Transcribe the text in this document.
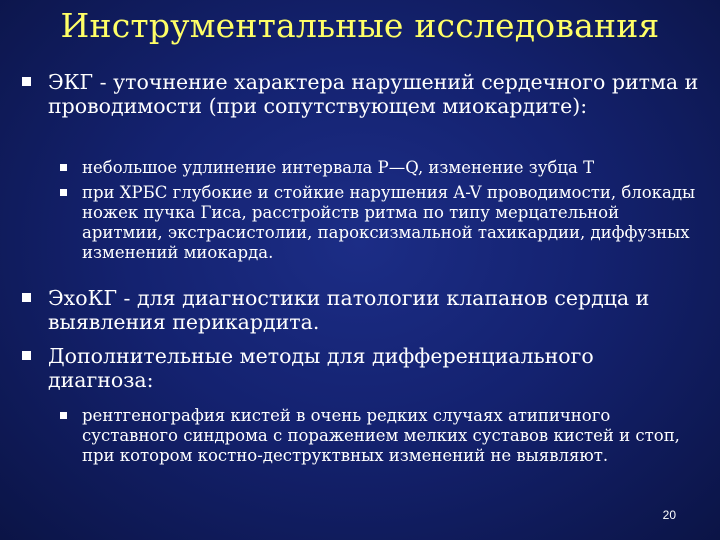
Инструментальные исследования
ЭКГ - уточнение характера нарушений сердечного ритма и проводимости (при сопутствующем миокардите):
небольшое удлинение интервала P—Q, изменение зубца T
при ХРБС глубокие и стойкие нарушения A-V проводимости, блокады ножек пучка Гиса, расстройств ритма по типу мерцательной аритмии, экстрасистолии, пароксизмальной тахикардии, диффузных изменений миокарда.
ЭхоКГ - для диагностики патологии клапанов сердца и выявления перикардита.
Дополнительные методы для дифференциального диагноза:
рентгенография кистей в очень редких случаях атипичного суставного синдрома с поражением мелких суставов кистей и стоп, при котором костно-деструктвных изменений не выявляют.
20
